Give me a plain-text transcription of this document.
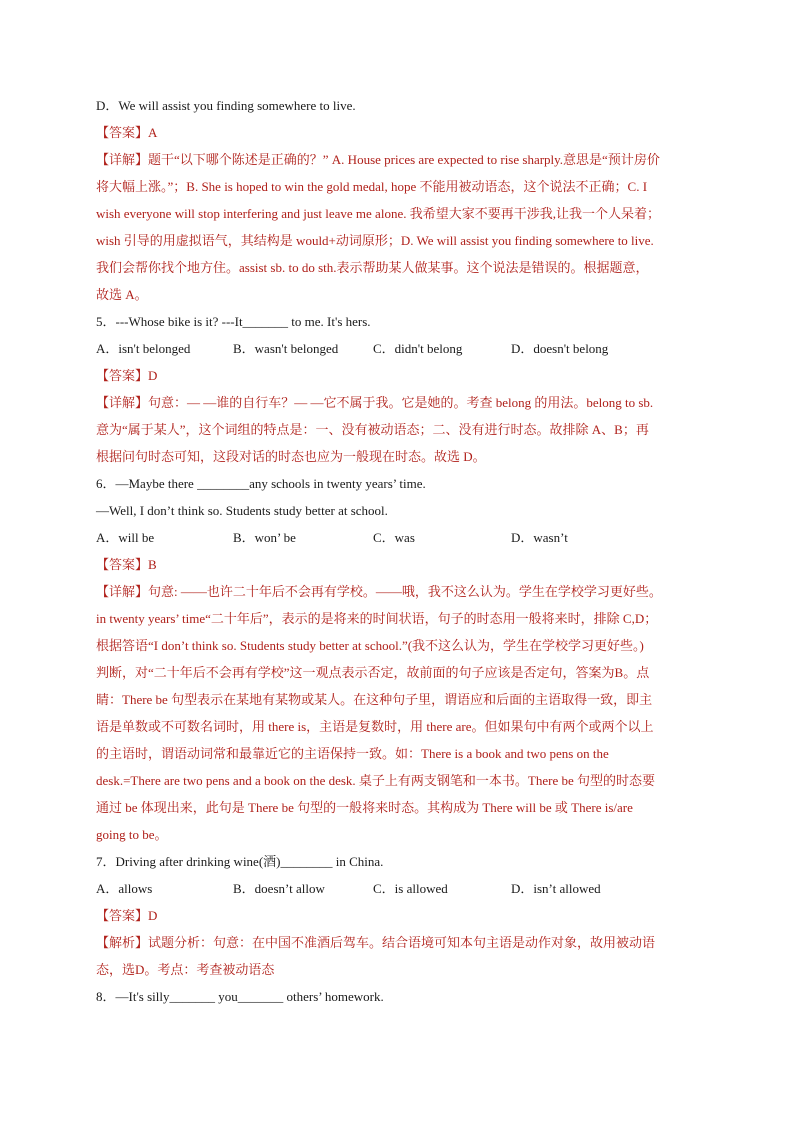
D．We will assist you finding somewhere to live.
【答案】A
【详解】题干“以下哪个陈述是正确的？” A. House prices are expected to rise sharply.意思是“预计房价
将大幅上涨。”；B. She is hoped to win the gold medal, hope 不能用被动语态，这个说法不正确；C. I
wish everyone will stop interfering and just leave me alone. 我希望大家不要再干涉我,让我一个人呆着；
wish 引导的用虚拟语气，其结构是 would+动词原形；D. We will assist you finding somewhere to live.
我们会帮你找个地方住。assist sb. to do sth.表示帮助某人做某事。这个说法是错误的。根据题意，
故选 A。
5．---Whose bike is it? ---It_______ to me. It's hers.
A．isn't belonged	B．wasn't belonged	C．didn't belong	D．doesn't belong
【答案】D
【详解】句意：— —谁的自行车？— —它不属于我。它是她的。考查 belong 的用法。belong to sb.
意为“属于某人”，这个词组的特点是：一、没有被动语态；二、没有进行时态。故排除 A、B；再
根据问句时态可知，这段对话的时态也应为一般现在时态。故选 D。
6．—Maybe there ________any schools in twenty years’ time.
—Well, I don’t think so. Students study better at school.
A．will be	B．won’ be	C．was	D．wasn’t
【答案】B
【详解】句意: ——也许二十年后不会再有学校。——哦，我不这么认为。学生在学校学习更好些。
in twenty years’ time“二十年后”，表示的是将来的时间状语，句子的时态用一般将来时，排除 C,D；
根据答语“I don’t think so. Students study better at school.”(我不这么认为，学生在学校学习更好些。)
判断，对“二十年后不会再有学校”这一观点表示否定，故前面的句子应该是否定句，答案为B。点
睛：There be 句型表示在某地有某物或某人。在这种句子里，谓语应和后面的主语取得一致，即主
语是单数或不可数名词时，用 there is，主语是复数时，用 there are。但如果句中有两个或两个以上
的主语时，谓语动词常和最靠近它的主语保持一致。如：There is a book and two pens on the
desk.=There are two pens and a book on the desk. 桌子上有两支钢笔和一本书。There be 句型的时态要
通过 be 体现出来，此句是 There be 句型的一般将来时态。其构成为 There will be 或 There is/are
going to be。
7．Driving after drinking wine(酒)________ in China.
A．allows	B．doesn’t allow	C．is allowed	D．isn’t allowed
【答案】D
【解析】试题分析：句意：在中国不准酒后驾车。结合语境可知本句主语是动作对象，故用被动语
态，选D。考点：考查被动语态
8．—It's silly_______ you_______ others’ homework.
